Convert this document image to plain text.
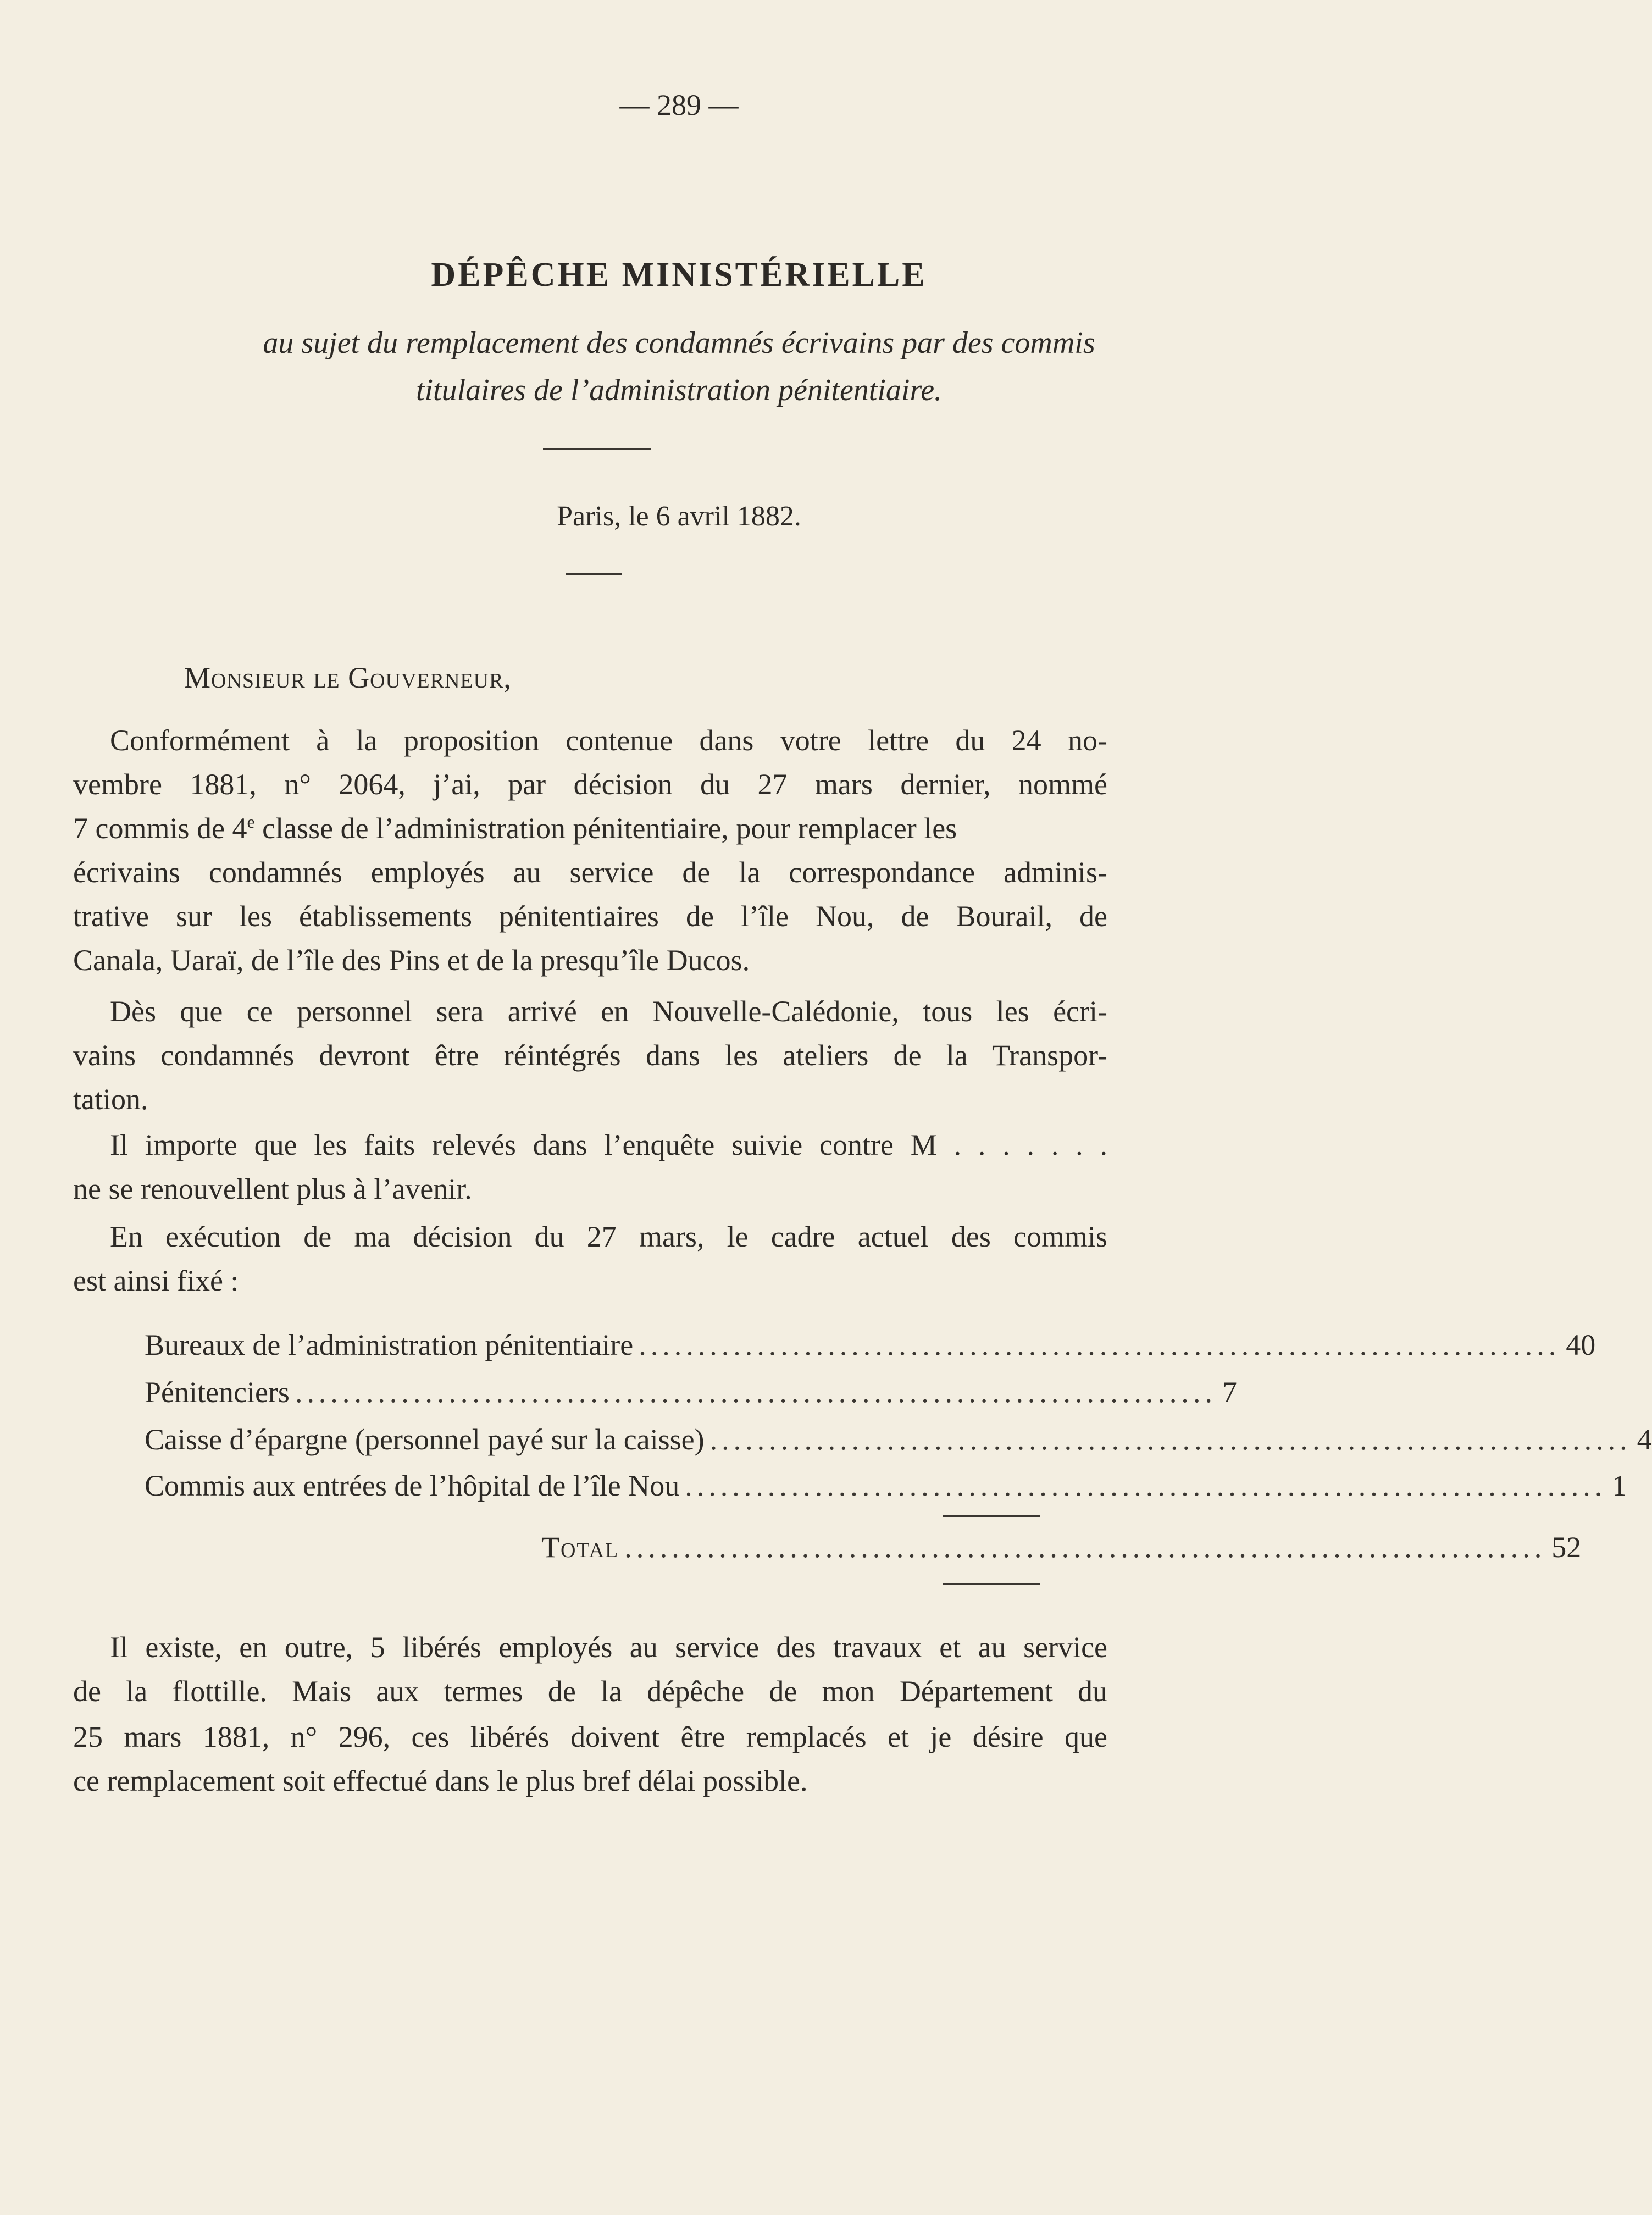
— 289 —
DÉPÊCHE MINISTÉRIELLE
au sujet du remplacement des condamnés écrivains par des commis
titulaires de l’administration pénitentiaire.
Paris, le 6 avril 1882.
Monsieur le Gouverneur,
Conformément à la proposition contenue dans votre lettre du 24 no-
vembre 1881, n° 2064, j’ai, par décision du 27 mars dernier, nommé
7 commis de 4e classe de l’administration pénitentiaire, pour remplacer les
écrivains condamnés employés au service de la correspondance adminis-
trative sur les établissements pénitentiaires de l’île Nou, de Bourail, de
Canala, Uaraï, de l’île des Pins et de la presqu’île Ducos.
Dès que ce personnel sera arrivé en Nouvelle-Calédonie, tous les écri-
vains condamnés devront être réintégrés dans les ateliers de la Transpor-
tation.
Il importe que les faits relevés dans l’enquête suivie contre M . . . . . . .
ne se renouvellent plus à l’avenir.
En exécution de ma décision du 27 mars, le cadre actuel des commis
est ainsi fixé :
Bureaux de l’administration pénitentiaire .............................................................................. 40
Pénitenciers .............................................................................. 7
Caisse d’épargne (personnel payé sur la caisse) .............................................................................. 4
Commis aux entrées de l’hôpital de l’île Nou .............................................................................. 1
Total .............................................................................. 52
Il existe, en outre, 5 libérés employés au service des travaux et au service
de la flottille. Mais aux termes de la dépêche de mon Département du
25 mars 1881, n° 296, ces libérés doivent être remplacés et je désire que
ce remplacement soit effectué dans le plus bref délai possible.
